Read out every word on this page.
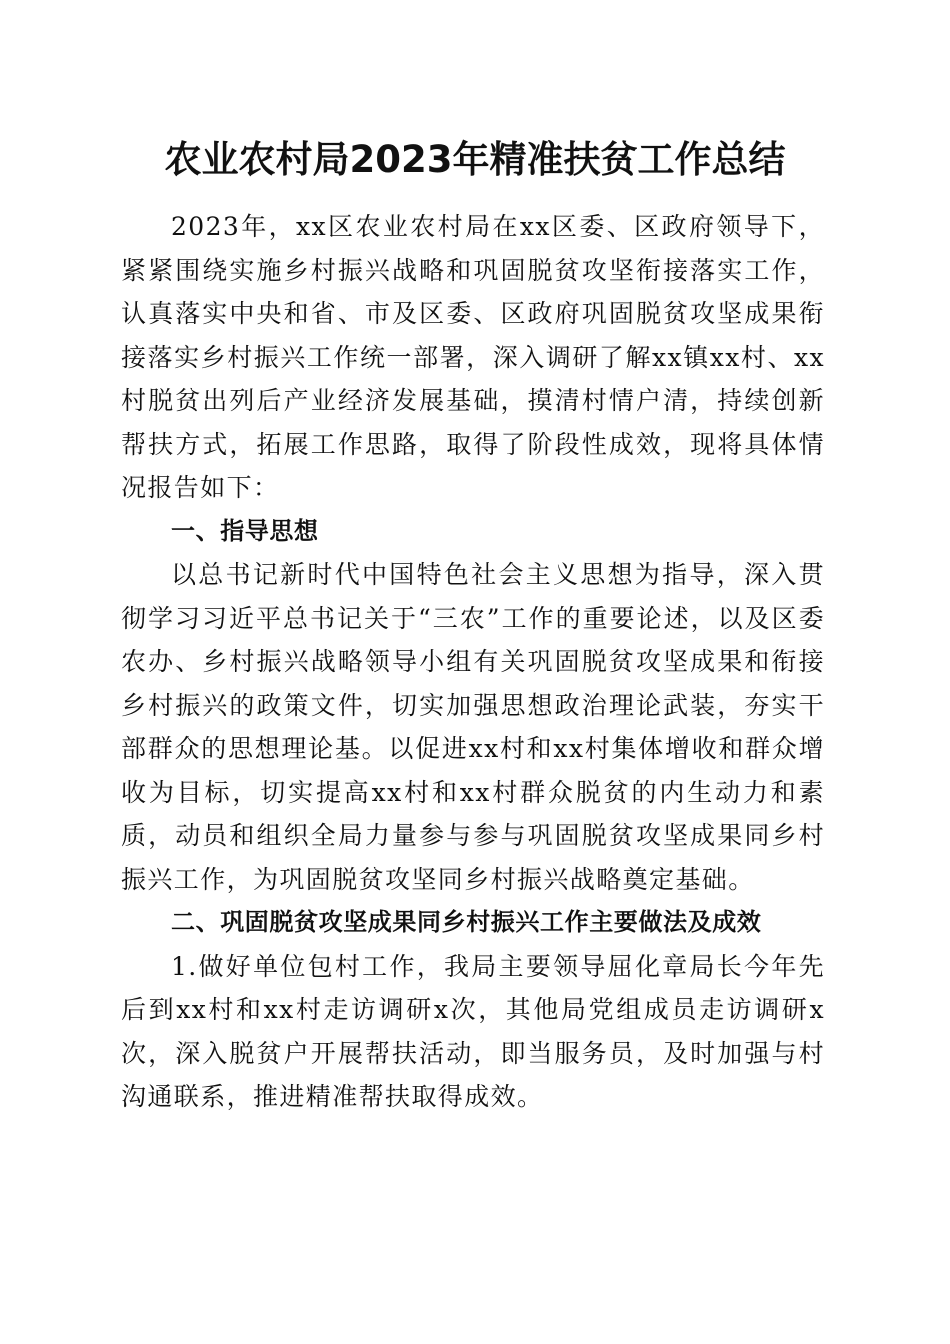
农业农村局2023年精准扶贫工作总结

2023年，xx区农业农村局在xx区委、区政府领导下，紧紧围绕实施乡村振兴战略和巩固脱贫攻坚衔接落实工作，认真落实中央和省、市及区委、区政府巩固脱贫攻坚成果衔接落实乡村振兴工作统一部署，深入调研了解xx镇xx村、xx村脱贫出列后产业经济发展基础，摸清村情户清，持续创新帮扶方式，拓展工作思路，取得了阶段性成效，现将具体情况报告如下：

一、指导思想

以总书记新时代中国特色社会主义思想为指导，深入贯彻学习习近平总书记关于“三农”工作的重要论述，以及区委农办、乡村振兴战略领导小组有关巩固脱贫攻坚成果和衔接乡村振兴的政策文件，切实加强思想政治理论武装，夯实干部群众的思想理论基。以促进xx村和xx村集体增收和群众增收为目标，切实提高xx村和xx村群众脱贫的内生动力和素质，动员和组织全局力量参与参与巩固脱贫攻坚成果同乡村振兴工作，为巩固脱贫攻坚同乡村振兴战略奠定基础。

二、巩固脱贫攻坚成果同乡村振兴工作主要做法及成效

1.做好单位包村工作，我局主要领导屈化章局长今年先后到xx村和xx村走访调研x次，其他局党组成员走访调研x次，深入脱贫户开展帮扶活动，即当服务员，及时加强与村沟通联系，推进精准帮扶取得成效。
